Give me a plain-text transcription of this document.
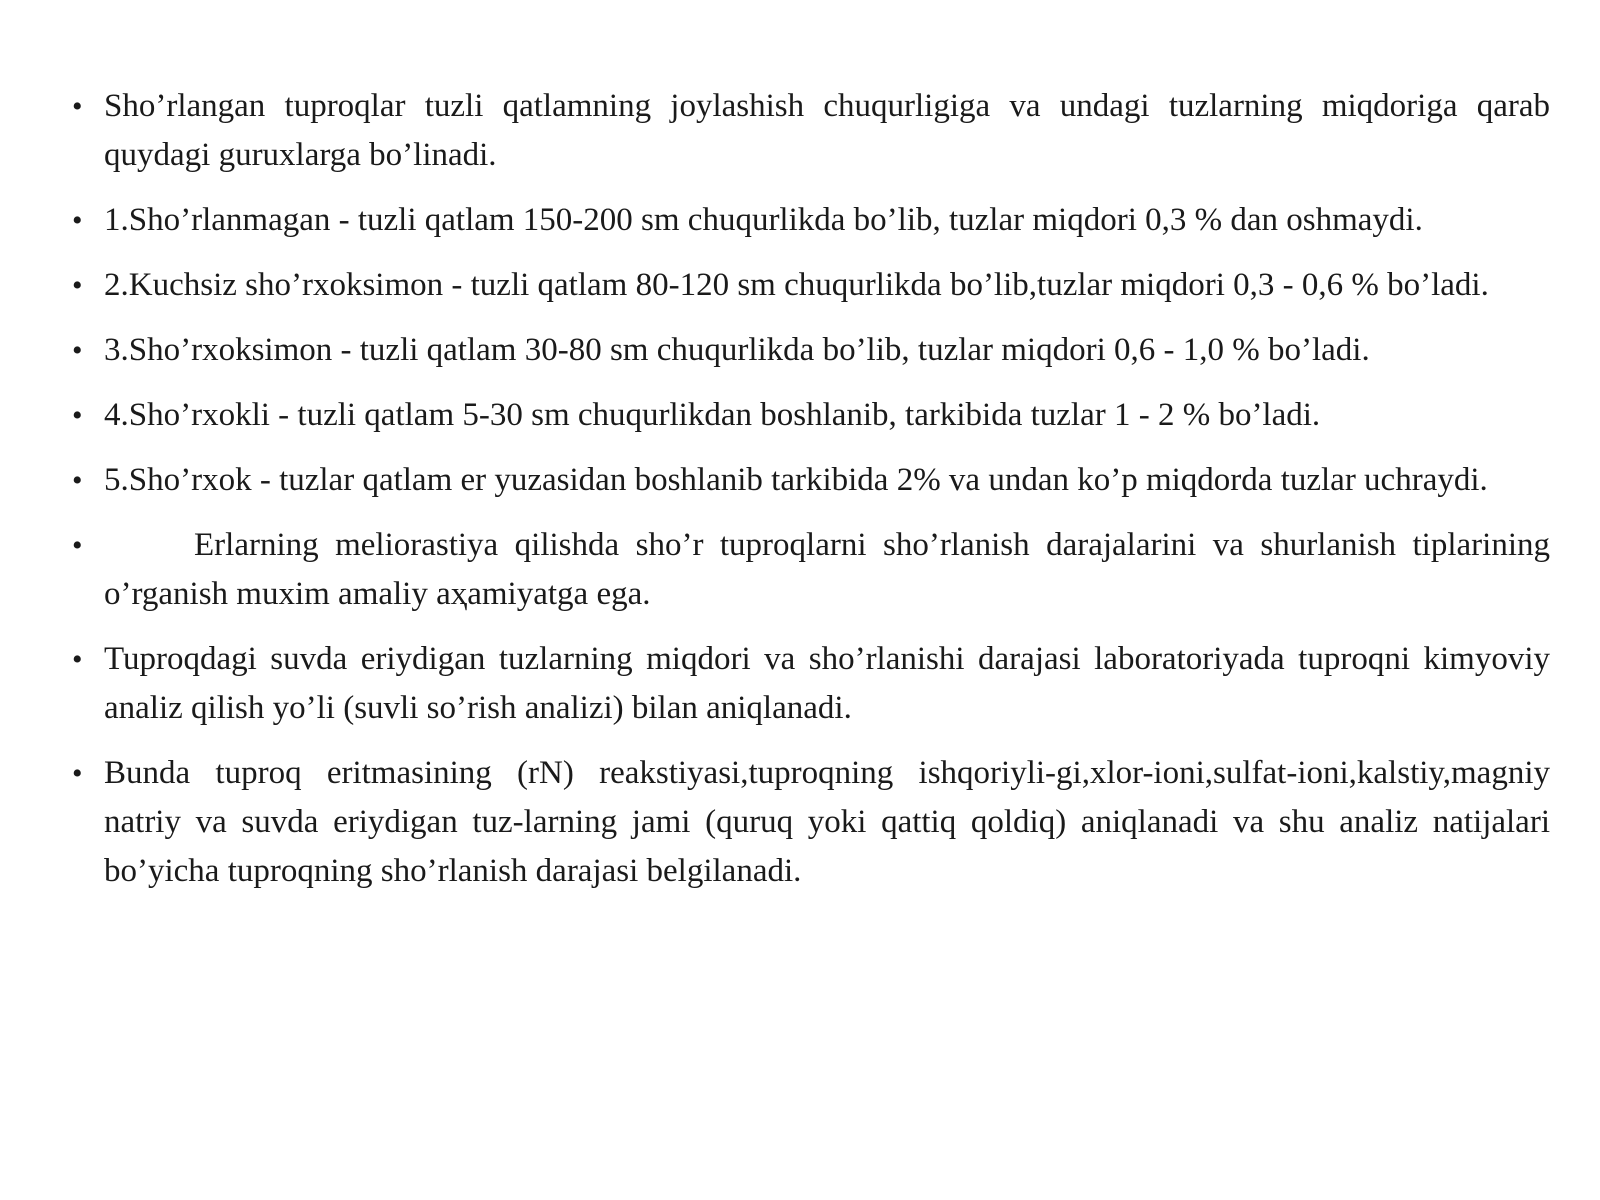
• Sho’rlangan tuproqlar tuzli qatlamning joylashish chuqurligiga va undagi tuzlarning miqdoriga qarab quydagi guruxlarga bo’linadi.
• 1.Sho’rlanmagan - tuzli qatlam 150-200 sm chuqurlikda bo’lib, tuzlar miqdori 0,3 % dan oshmaydi.
• 2.Kuchsiz sho’rxoksimon - tuzli qatlam 80-120 sm chuqurlikda bo’lib,tuzlar miqdori 0,3 - 0,6 % bo’ladi.
• 3.Sho’rxoksimon - tuzli qatlam 30-80 sm chuqurlikda bo’lib, tuzlar miqdori 0,6 - 1,0 % bo’ladi.
• 4.Sho’rxokli - tuzli qatlam 5-30 sm chuqurlikdan boshlanib, tarkibida tuzlar 1 - 2 % bo’ladi.
• 5.Sho’rxok - tuzlar qatlam er yuzasidan boshlanib tarkibida 2% va undan ko’p miqdorda tuzlar uchraydi.
•	Erlarning meliorastiya qilishda sho’r tuproqlarni sho’rlanish darajalarini va shurlanish tiplarining o’rganish muxim amaliy aҳamiyatga ega.
• Tuproqdagi suvda eriydigan tuzlarning miqdori va sho’rlanishi darajasi laboratoriyada tuproqni kimyoviy analiz qilish yo’li (suvli so’rish analizi) bilan aniqlanadi.
• Bunda tuproq eritmasining (rN) reakstiyasi,tuproqning ishqoriyli-gi,xlor-ioni,sulfat-ioni,kalstiy,magniy natriy va suvda eriydigan tuz-larning jami (quruq yoki qattiq qoldiq) aniqlanadi va shu analiz natijalari bo’yicha tuproqning sho’rlanish darajasi belgilanadi.
